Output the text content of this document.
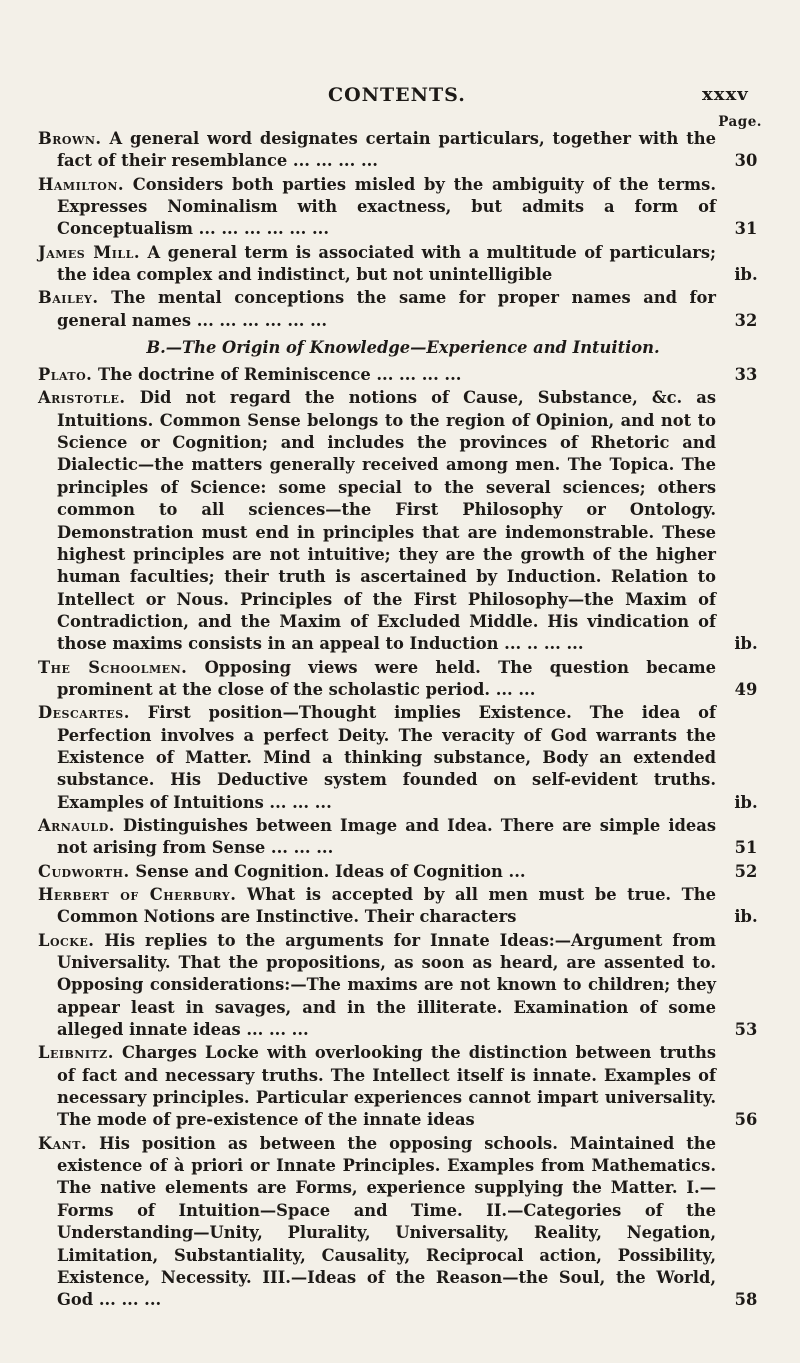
CONTENTS.	xxxv
Page.
Brown. A general word designates certain particulars, together with the fact of their resemblance ... ... ... ...	30
Hamilton. Considers both parties misled by the ambiguity of the terms. Expresses Nominalism with exactness, but admits a form of Conceptualism ... ... ... ... ... ...	31
James Mill. A general term is associated with a multitude of particulars; the idea complex and indistinct, but not unintelligible	ib.
Bailey. The mental conceptions the same for proper names and for general names ... ... ... ... ... ...	32
B.—The Origin of Knowledge—Experience and Intuition.
Plato. The doctrine of Reminiscence ... ... ... ...	33
Aristotle. Did not regard the notions of Cause, Substance, &c. as Intuitions. Common Sense belongs to the region of Opinion, and not to Science or Cognition; and includes the provinces of Rhetoric and Dialectic—the matters generally received among men. The Topica. The principles of Science: some special to the several sciences; others common to all sciences—the First Philosophy or Ontology. Demonstration must end in principles that are indemonstrable. These highest principles are not intuitive; they are the growth of the higher human faculties; their truth is ascertained by Induction. Relation to Intellect or Nous. Principles of the First Philosophy—the Maxim of Contradiction, and the Maxim of Excluded Middle. His vindication of those maxims consists in an appeal to Induction ... .. ... ...	ib.
The Schoolmen. Opposing views were held. The question became prominent at the close of the scholastic period. ... ...	49
Descartes. First position—Thought implies Existence. The idea of Perfection involves a perfect Deity. The veracity of God warrants the Existence of Matter. Mind a thinking substance, Body an extended substance. His Deductive system founded on self-evident truths. Examples of Intuitions ... ... ...	ib.
Arnauld. Distinguishes between Image and Idea. There are simple ideas not arising from Sense ... ... ...	51
Cudworth. Sense and Cognition. Ideas of Cognition ...	52
Herbert of Cherbury. What is accepted by all men must be true. The Common Notions are Instinctive. Their characters	ib.
Locke. His replies to the arguments for Innate Ideas:—Argument from Universality. That the propositions, as soon as heard, are assented to. Opposing considerations:—The maxims are not known to children; they appear least in savages, and in the illiterate. Examination of some alleged innate ideas ... ... ...	53
Leibnitz. Charges Locke with overlooking the distinction between truths of fact and necessary truths. The Intellect itself is innate. Examples of necessary principles. Particular experiences cannot impart universality. The mode of pre-existence of the innate ideas	56
Kant. His position as between the opposing schools. Maintained the existence of à priori or Innate Principles. Examples from Mathematics. The native elements are Forms, experience supplying the Matter. I.—Forms of Intuition—Space and Time. II.—Categories of the Understanding—Unity, Plurality, Universality, Reality, Negation, Limitation, Substantiality, Causality, Reciprocal action, Possibility, Existence, Necessity. III.—Ideas of the Reason—the Soul, the World, God ... ... ...	58
